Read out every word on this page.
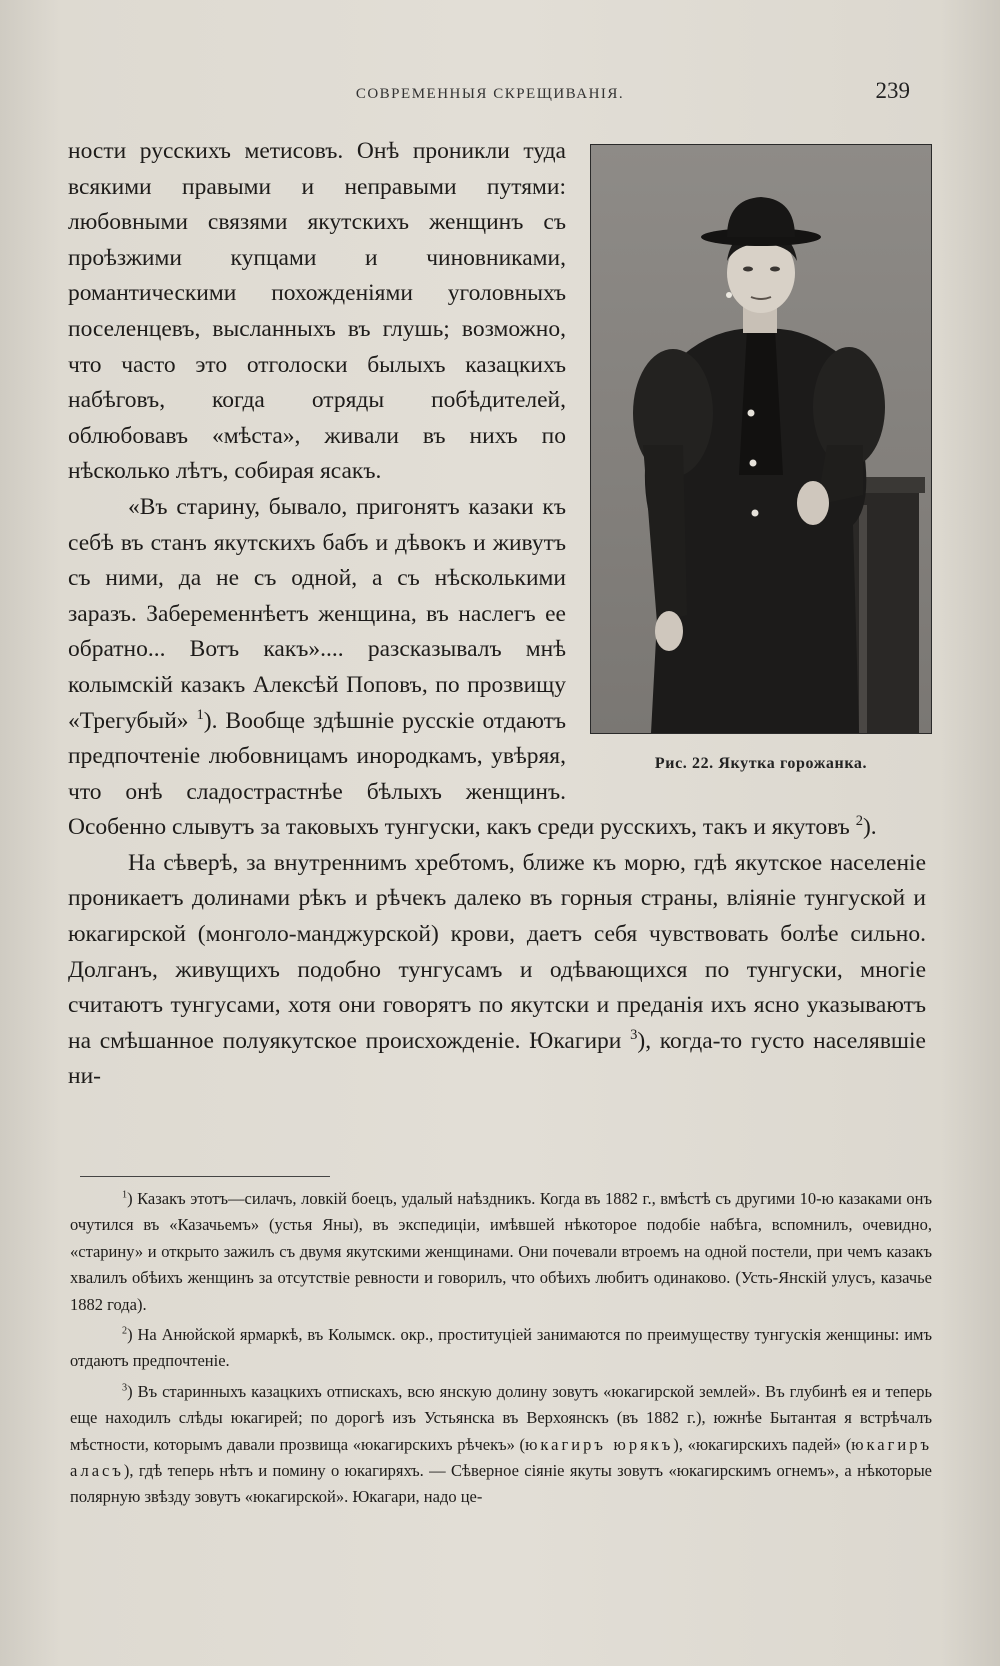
СОВРЕМЕННЫЯ СКРЕЩИВАНІЯ.	239
Рис. 22. Якутка горожанка.

ности русскихъ метисовъ. Онѣ проникли туда всякими правыми и неправыми путями: любовными связями якутскихъ женщинъ съ проѣзжими купцами и чиновниками, романтическими похожденіями уголовныхъ поселенцевъ, высланныхъ въ глушь; возможно, что часто это отголоски былыхъ казацкихъ набѣговъ, когда отряды побѣдителей, облюбовавъ «мѣста», живали въ нихъ по нѣсколько лѣтъ, собирая ясакъ.

«Въ старину, бывало, пригонятъ казаки къ себѣ въ станъ якутскихъ бабъ и дѣвокъ и живутъ съ ними, да не съ одной, а съ нѣсколькими заразъ. Забеременнѣетъ женщина, въ наслегъ ее обратно... Вотъ какъ».... разсказывалъ мнѣ колымскій казакъ Алексѣй Поповъ, по прозвищу «Трегубый» $^1$). Вообще здѣшніе русскіе отдаютъ предпочтеніе любовницамъ инородкамъ, увѣряя, что онѣ сладострастнѣе бѣлыхъ женщинъ. Особенно слывутъ за таковыхъ тунгуски, какъ среди русскихъ, такъ и якутовъ $^2$).

На сѣверѣ, за внутреннимъ хребтомъ, ближе къ морю, гдѣ якутское населеніе проникаетъ долинами рѣкъ и рѣчекъ далеко въ горныя страны, вліяніе тунгуской и юкагирской (монголо-манджурской) крови, даетъ себя чувствовать болѣе сильно. Долганъ, живущихъ подобно тунгусамъ и одѣвающихся по тунгуски, многіе считаютъ тунгусами, хотя они говорятъ по якутски и преданія ихъ ясно указываютъ на смѣшанное полуякутское происхожденіе. Юкагири $^3$), когда-то густо населявшіе ни-

$^1$) Казакъ этотъ—силачъ, ловкій боецъ, удалый наѣздникъ. Когда въ 1882 г., вмѣстѣ съ другими 10-ю казаками онъ очутился въ «Казачьемъ» (устья Яны), въ экспедиціи, имѣвшей нѣкоторое подобіе набѣга, вспомнилъ, очевидно, «старину» и открыто зажилъ съ двумя якутскими женщинами. Они почевали втроемъ на одной постели, при чемъ казакъ хвалилъ обѣихъ женщинъ за отсутствіе ревности и говорилъ, что обѣихъ любитъ одинаково. (Усть-Янскій улусъ, казачье 1882 года).

$^2$) На Анюйской ярмаркѣ, въ Колымск. окр., проституціей занимаются по преимуществу тунгускія женщины: имъ отдаютъ предпочтеніе.

$^3$) Въ старинныхъ казацкихъ отпискахъ, всю янскую долину зовутъ «юкагирской землей». Въ глубинѣ ея и теперь еще находилъ слѣды юкагирей; по дорогѣ изъ Устьянска въ Верхоянскъ (въ 1882 г.), южнѣе Бытантая я встрѣчалъ мѣстности, которымъ давали прозвища «юкагирскихъ рѣчекъ» (юкагиръ юрякъ), «юкагирскихъ падей» (юкагиръ аласъ), гдѣ теперь нѣтъ и помину о юкагиряхъ. — Сѣверное сіяніе якуты зовутъ «юкагирскимъ огнемъ», а нѣкоторые полярную звѣзду зовутъ «юкагирской». Юкагари, надо це-
